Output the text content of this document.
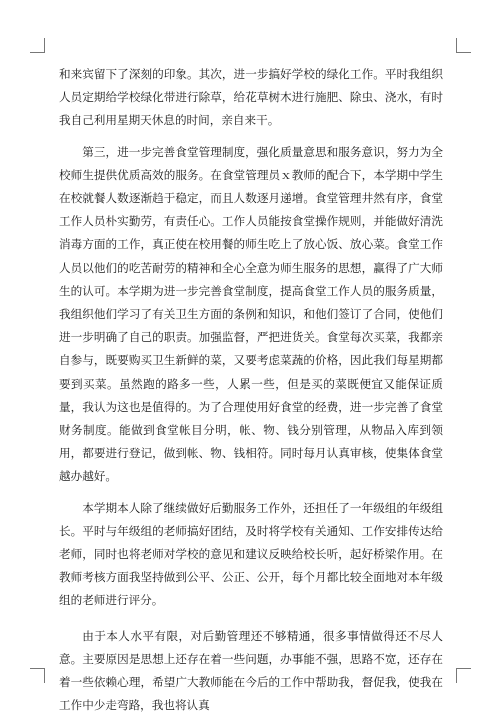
和来宾留下了深刻的印象。其次，进一步搞好学校的绿化工作。平时我组织人员定期给学校绿化带进行除草，给花草树木进行施肥、除虫、浇水，有时我自己利用星期天休息的时间，亲自来干。

第三，进一步完善食堂管理制度，强化质量意思和服务意识，努力为全校师生提供优质高效的服务。在食堂管理员ｘ教师的配合下，本学期中学生在校就餐人数逐渐趋于稳定，而且人数逐月递增。食堂管理井然有序，食堂工作人员朴实勤劳，有责任心。工作人员能按食堂操作规则，并能做好清洗消毒方面的工作，真正使在校用餐的师生吃上了放心饭、放心菜。食堂工作人员以他们的吃苦耐劳的精神和全心全意为师生服务的思想，赢得了广大师生的认可。本学期为进一步完善食堂制度，提高食堂工作人员的服务质量，我组织他们学习了有关卫生方面的条例和知识，和他们签订了合同，使他们进一步明确了自己的职责。加强监督，严把进货关。食堂每次买菜，我都亲自参与，既要购买卫生新鲜的菜，又要考虑菜蔬的价格，因此我们每星期都要到买菜。虽然跑的路多一些，人累一些，但是买的菜既便宜又能保证质量，我认为这也是值得的。为了合理使用好食堂的经费，进一步完善了食堂财务制度。能做到食堂帐目分明，帐、物、钱分别管理，从物品入库到领用，都要进行登记，做到帐、物、钱相符。同时每月认真审核，使集体食堂越办越好。

本学期本人除了继续做好后勤服务工作外，还担任了一年级组的年级组长。平时与年级组的老师搞好团结，及时将学校有关通知、工作安排传达给老师，同时也将老师对学校的意见和建议反映给校长听，起好桥梁作用。在教师考核方面我坚持做到公平、公正、公开，每个月都比较全面地对本年级组的老师进行评分。

由于本人水平有限，对后勤管理还不够精通，很多事情做得还不尽人意。主要原因是思想上还存在着一些问题，办事能不强，思路不宽，还存在着一些依赖心理，希望广大教师能在今后的工作中帮助我，督促我，使我在工作中少走弯路，我也将认真
